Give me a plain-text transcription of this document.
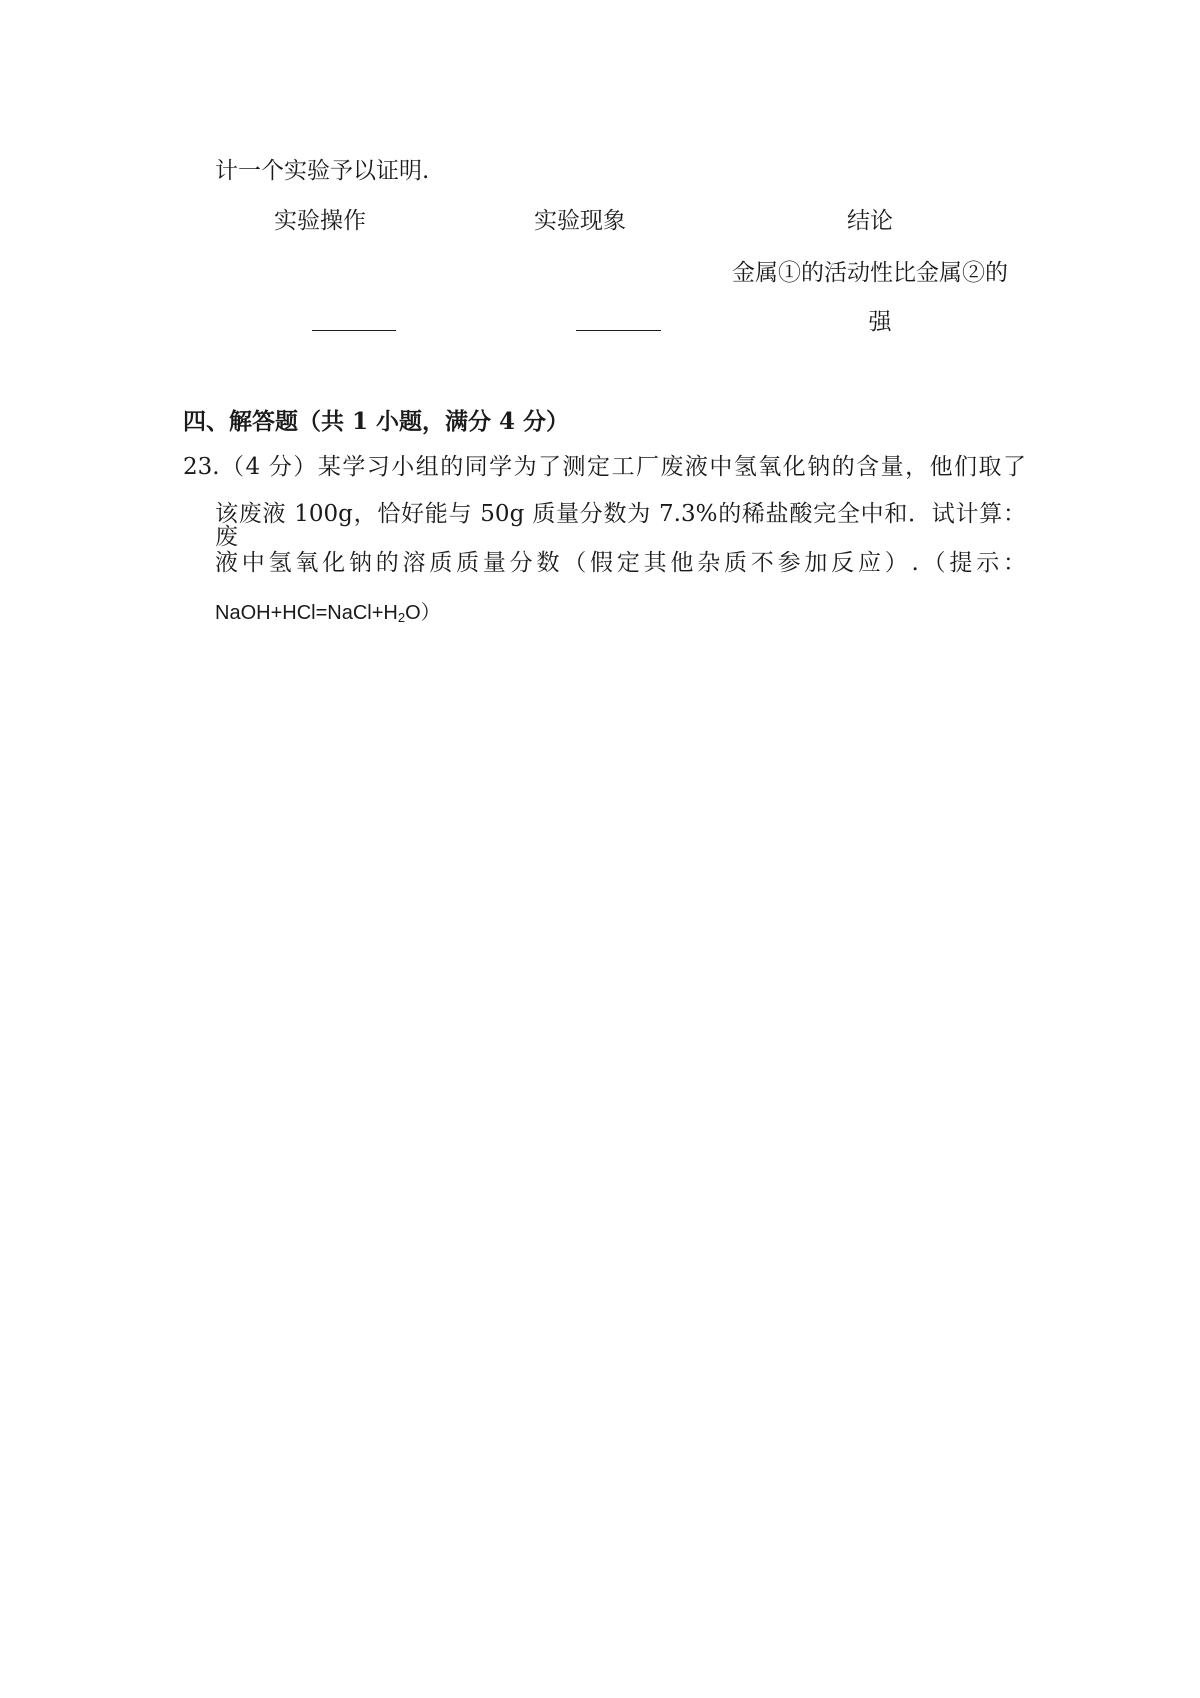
计一个实验予以证明.
实验操作	实验现象	结论
金属①的活动性比金属②的
强
四、解答题（共 1 小题，满分 4 分）
23.（4 分）某学习小组的同学为了测定工厂废液中氢氧化钠的含量，他们取了
该废液 100g，恰好能与 50g 质量分数为 7.3%的稀盐酸完全中和．试计算：废
液中氢氧化钠的溶质质量分数（假定其他杂质不参加反应）.（提示：
$NaOH+HCl=NaCl+H_2O$）
